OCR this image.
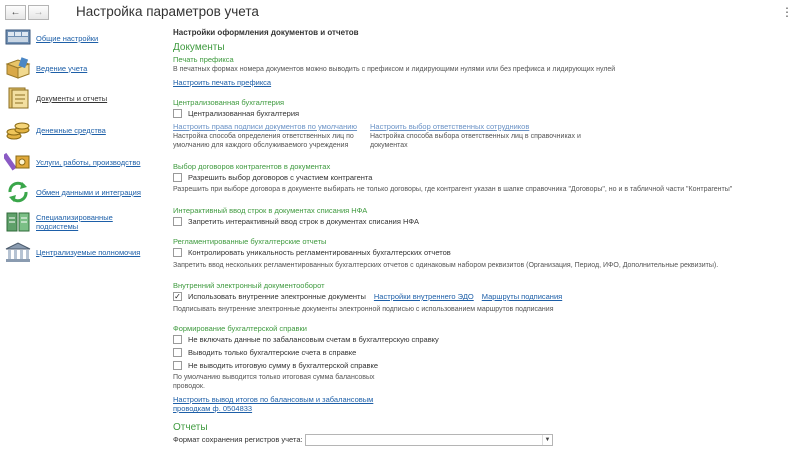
← → Настройка параметров учета	⋮
Общие настройки
Ведение учета
Документы и отчеты
Денежные средства
Услуги, работы, производство
Обмен данными и интеграция
Специализированные подсистемы
Централизуемые полномочия
Настройки оформления документов и отчетов
Документы
Печать префикса
В печатных формах номера документов можно выводить с префиксом и лидирующими нулями или без префикса и лидирующих нулей
Настроить печать префикса
Централизованная бухгалтерия
Централизованная бухгалтерия
Настроить права подписи документов по умолчанию Настроить выбор ответственных сотрудников
Настройка способа определения ответственных лиц по умолчанию для каждого обслуживаемого учреждения
Настройка способа выбора ответственных лиц в справочниках и документах
Выбор договоров контрагентов в документах
Разрешить выбор договоров с участием контрагента
Разрешить при выборе договора в документе выбирать не только договоры, где контрагент указан в шапке справочника "Договоры", но и в табличной части "Контрагенты"
Интерактивный ввод строк в документах списания НФА
Запретить интерактивный ввод строк в документах списания НФА
Регламентированные бухгалтерские отчеты
Контролировать уникальность регламентированных бухгалтерских отчетов
Запретить ввод нескольких регламентированных бухгалтерских отчетов с одинаковым набором реквизитов (Организация, Период, ИФО, Дополнительные реквизиты).
Внутренний электронный документооборот
✓ Использовать внутренние электронные документы Настройки внутреннего ЭДО Маршруты подписания
Подписывать внутренние электронные документы электронной подписью с использованием маршрутов подписания
Формирование бухгалтерской справки
Не включать данные по забалансовым счетам в бухгалтерскую справку
Выводить только бухгалтерские счета в справке
Не выводить итоговую сумму в бухгалтерской справке
По умолчанию выводится только итоговая сумма балансовых проводок.
Настроить вывод итогов по балансовым и забалансовым проводкам ф. 0504833
Отчеты
Формат сохранения регистров учета:	▼
